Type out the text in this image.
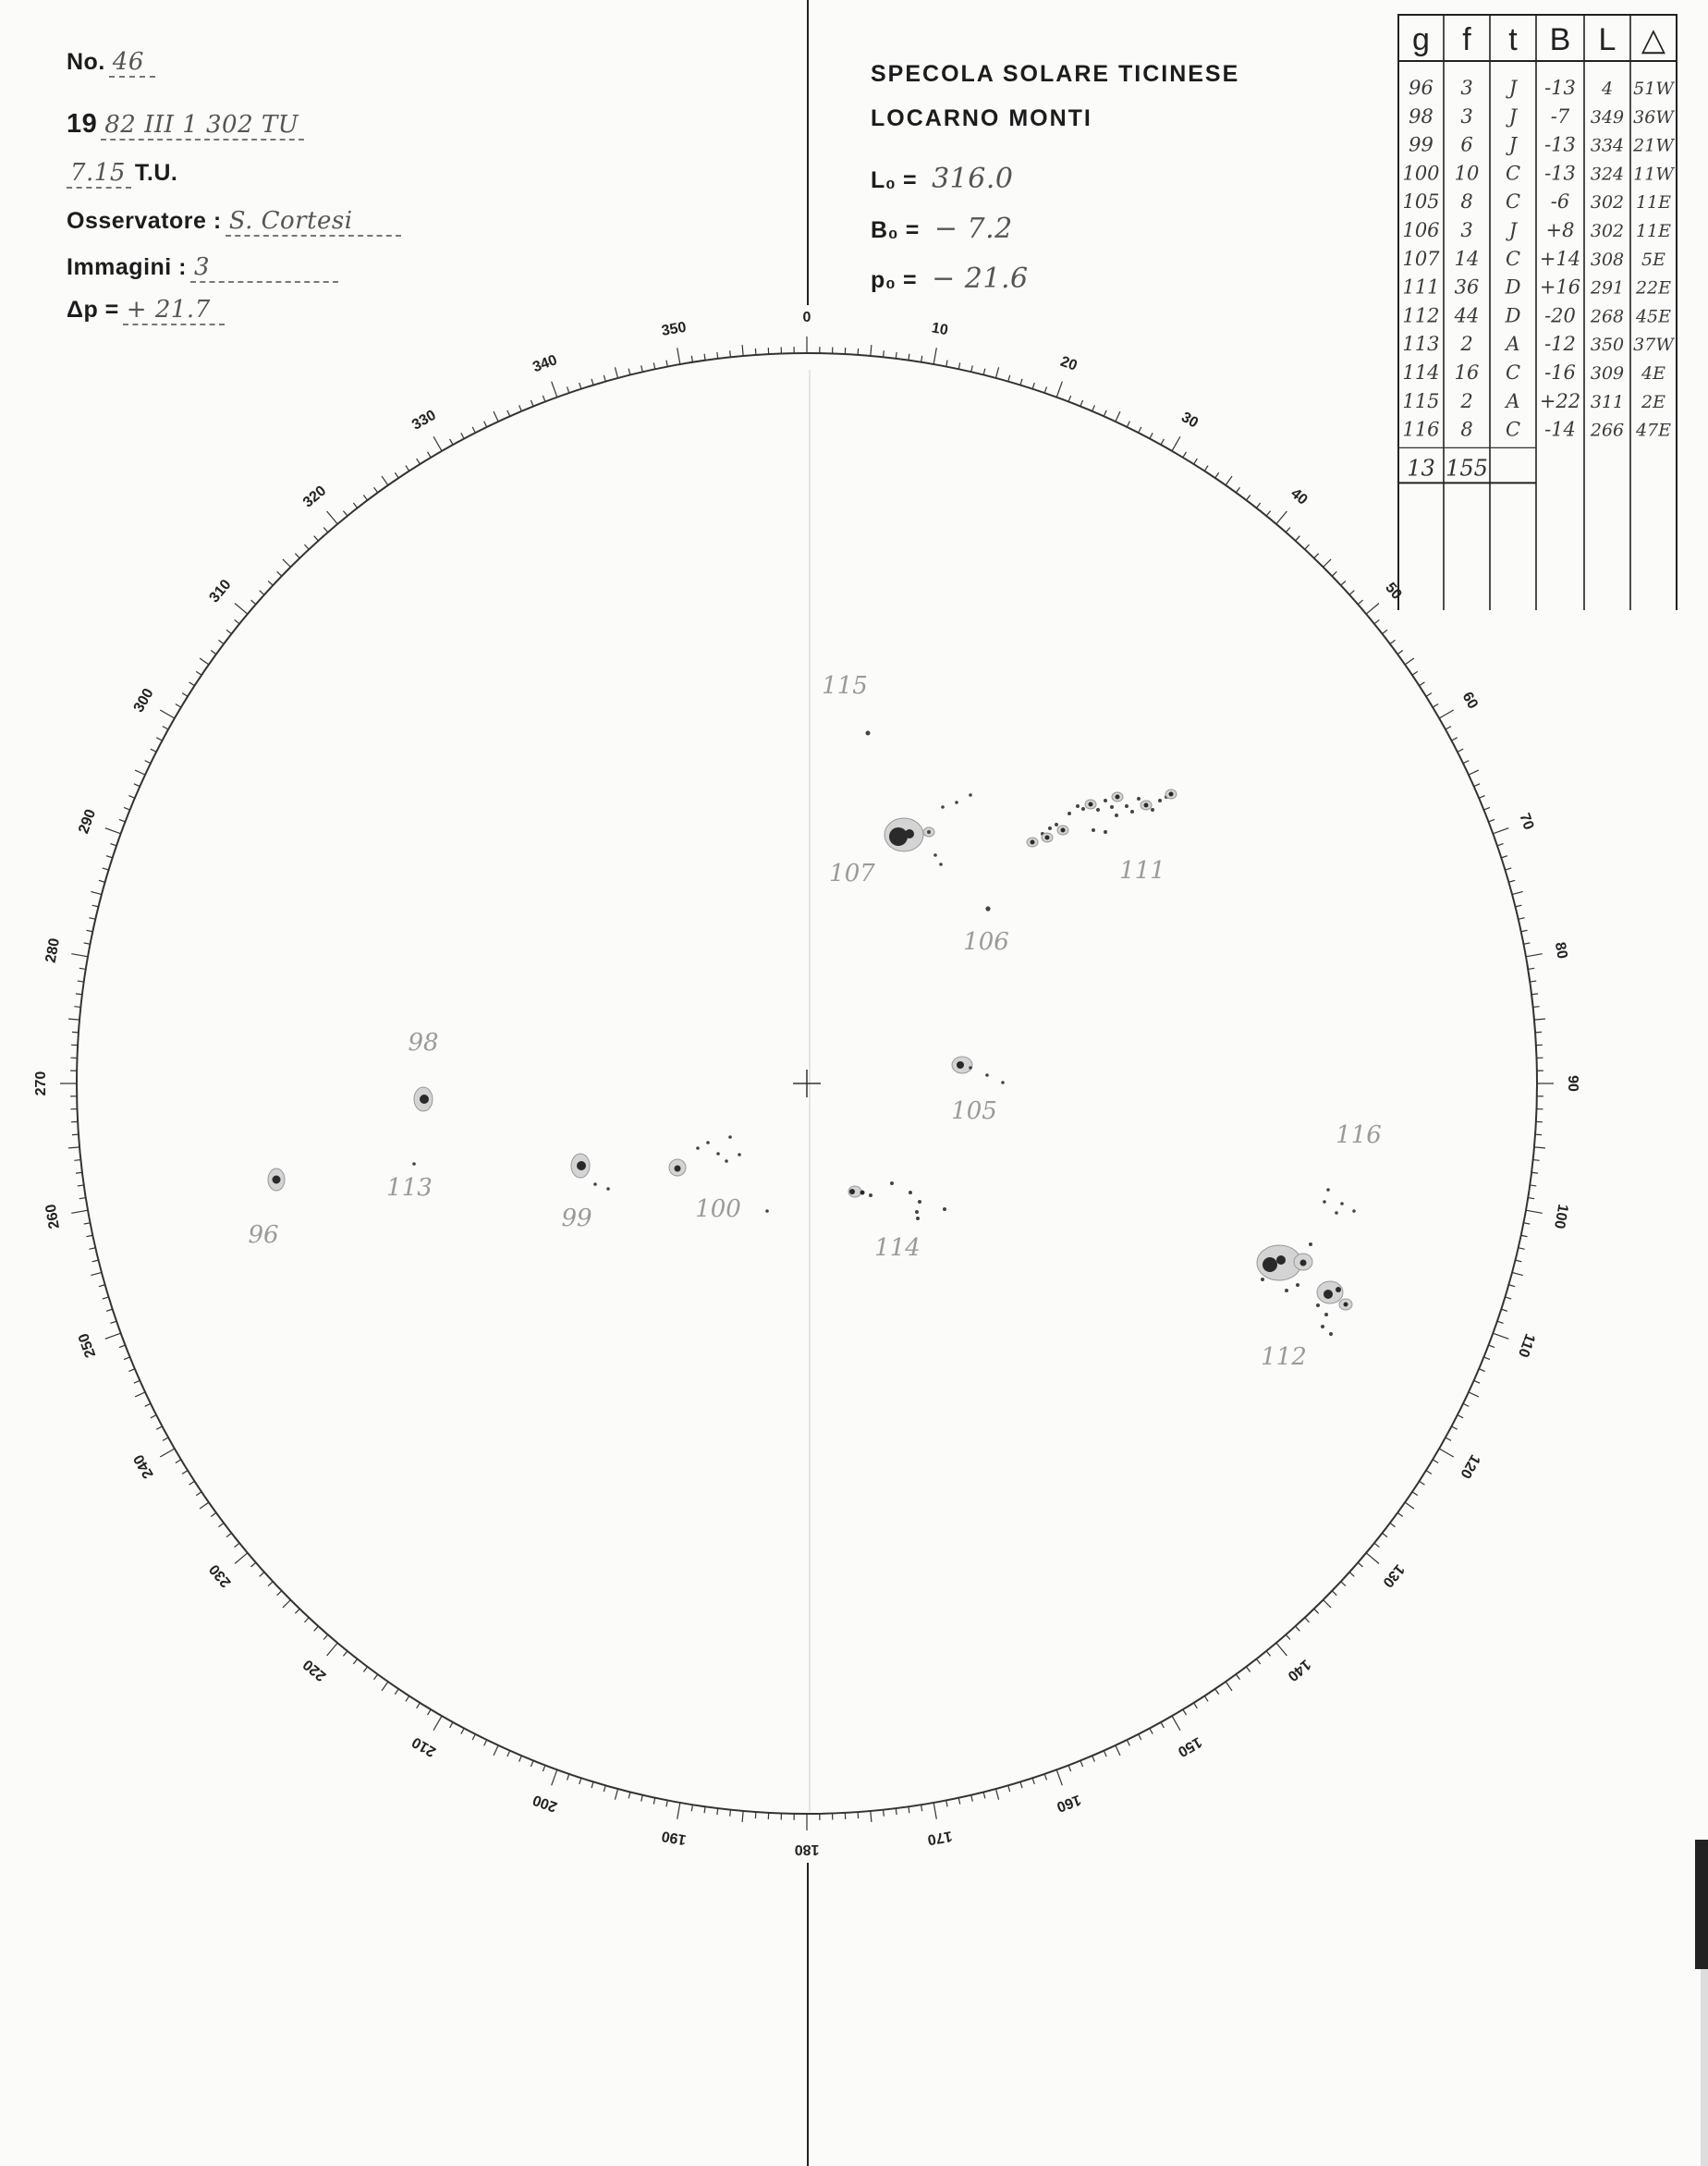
No. 46
19 82 III 1 302 TU
7.15 T.U.
Osservatore : S. Cortesi
Immagini : 3
Δp = + 21.7
SPECOLA SOLARE TICINESE
LOCARNO MONTI
L₀ = 316.0
B₀ = − 7.2
p₀ = − 21.6
0
10
20
30
40
50
60
70
80
90
100
110
120
130
140
150
160
170
180
190
200
210
220
230
240
250
260
270
280
290
300
310
320
330
340
350
115
107	111
106
98
105
116
113
96
99	100
114
112
g f t B L △
96 3 J -13 4 51W
98 3 J -7 349 36W
99 6 J -13 334 21W
100 10 C -13 324 11W
105 8 C -6 302 11E
106 3 J +8 302 11E
107 14 C +14 308 5E
111 36 D +16 291 22E
112 44 D -20 268 45E
113 2 A -12 350 37W
114 16 C -16 309 4E
115 2 A +22 311 2E
116 8 C -14 266 47E
13 155
